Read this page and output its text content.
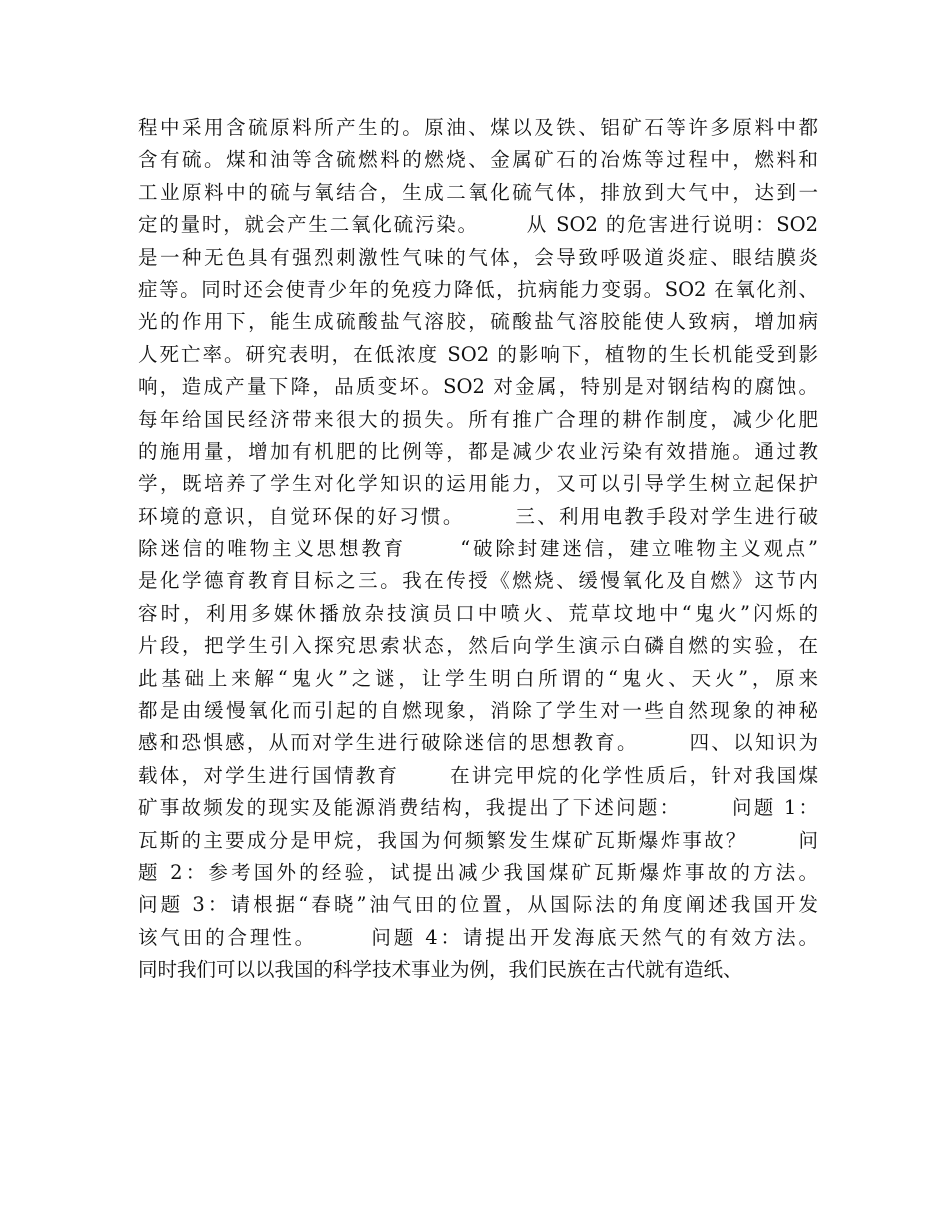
程中采用含硫原料所产生的。原油、煤以及铁、铝矿石等许多原料中都
含有硫。煤和油等含硫燃料的燃烧、金属矿石的冶炼等过程中，燃料和
工业原料中的硫与氧结合，生成二氧化硫气体，排放到大气中，达到一
定的量时，就会产生二氧化硫污染。      从 SO2 的危害进行说明：SO2
是一种无色具有强烈刺激性气味的气体，会导致呼吸道炎症、眼结膜炎
症等。同时还会使青少年的免疫力降低，抗病能力变弱。SO2 在氧化剂、
光的作用下，能生成硫酸盐气溶胶，硫酸盐气溶胶能使人致病，增加病
人死亡率。研究表明，在低浓度 SO2 的影响下，植物的生长机能受到影
响，造成产量下降，品质变坏。SO2 对金属，特别是对钢结构的腐蚀。
每年给国民经济带来很大的损失。所有推广合理的耕作制度，减少化肥
的施用量，增加有机肥的比例等，都是减少农业污染有效措施。通过教
学，既培养了学生对化学知识的运用能力，又可以引导学生树立起保护
环境的意识，自觉环保的好习惯。      三、利用电教手段对学生进行破
除迷信的唯物主义思想教育      “破除封建迷信，建立唯物主义观点”
是化学德育教育目标之三。我在传授《燃烧、缓慢氧化及自燃》这节内
容时，利用多媒休播放杂技演员口中喷火、荒草坟地中“鬼火”闪烁的
片段，把学生引入探究思索状态，然后向学生演示白磷自燃的实验，在
此基础上来解“鬼火”之谜，让学生明白所谓的“鬼火、天火”，原来
都是由缓慢氧化而引起的自燃现象，消除了学生对一些自然现象的神秘
感和恐惧感，从而对学生进行破除迷信的思想教育。      四、以知识为
载体，对学生进行国情教育      在讲完甲烷的化学性质后，针对我国煤
矿事故频发的现实及能源消费结构，我提出了下述问题：      问题 1：
瓦斯的主要成分是甲烷，我国为何频繁发生煤矿瓦斯爆炸事故？      问
题 2：参考国外的经验，试提出减少我国煤矿瓦斯爆炸事故的方法。
问题 3：请根据“春晓”油气田的位置，从国际法的角度阐述我国开发
该气田的合理性。      问题 4：请提出开发海底天然气的有效方法。
同时我们可以以我国的科学技术事业为例，我们民族在古代就有造纸、
